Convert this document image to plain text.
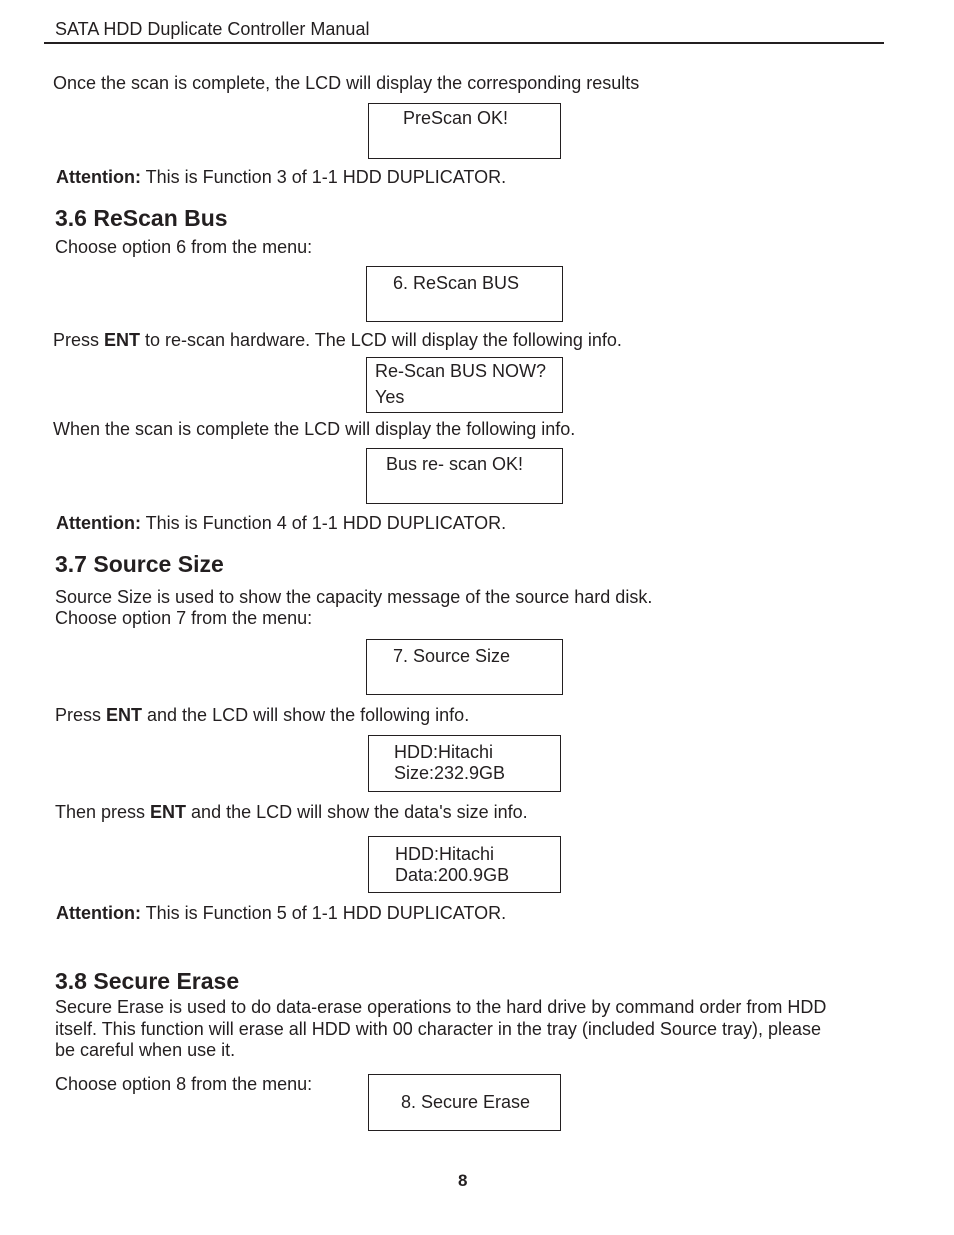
SATA HDD Duplicate Controller Manual
Once the scan is complete, the LCD will display the corresponding results
PreScan OK!
Attention: This is Function 3 of 1-1 HDD DUPLICATOR.
3.6 ReScan Bus
Choose option 6 from the menu:
6. ReScan BUS
Press ENT to re-scan hardware. The LCD will display the following info.
Re-Scan BUS NOW?
Yes
When the scan is complete the LCD will display the following info.
Bus re- scan OK!
Attention: This is Function 4 of 1-1 HDD DUPLICATOR.
3.7 Source Size
Source Size is used to show the capacity message of the source hard disk.
Choose option 7 from the menu:
7. Source Size
Press ENT and the LCD will show the following info.
HDD:Hitachi
Size:232.9GB
Then press ENT and the LCD will show the data's size info.
HDD:Hitachi
Data:200.9GB
Attention: This is Function 5 of 1-1 HDD DUPLICATOR.
3.8 Secure Erase
Secure Erase is used to do data-erase operations to the hard drive by command order from HDD
itself. This function will erase all HDD with 00 character in the tray (included Source tray), please
be careful when use it.
Choose option 8 from the menu:
8. Secure Erase
8
